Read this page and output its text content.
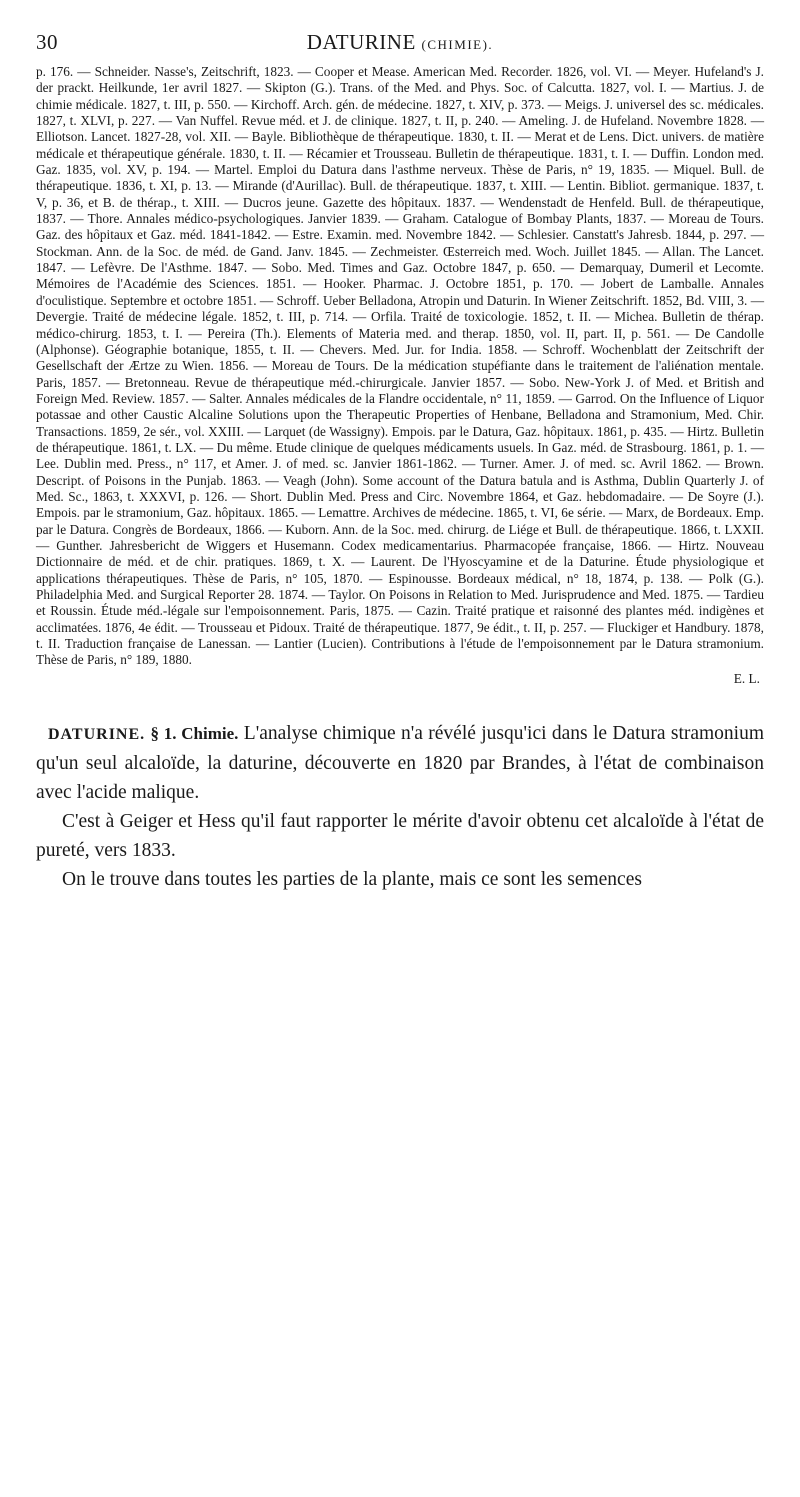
30	DATURINE (CHIMIE).

p. 176. — Schneider. Nasse's, Zeitschrift, 1823. — Cooper et Mease. American Med. Recorder. 1826, vol. VI. — Meyer. Hufeland's J. der prackt. Heilkunde, 1er avril 1827. — Skipton (G.). Trans. of the Med. and Phys. Soc. of Calcutta. 1827, vol. I. — Martius. J. de chimie médicale. 1827, t. III, p. 550. — Kirchoff. Arch. gén. de médecine. 1827, t. XIV, p. 373. — Meigs. J. universel des sc. médicales. 1827, t. XLVI, p. 227. — Van Nuffel. Revue méd. et J. de clinique. 1827, t. II, p. 240. — Ameling. J. de Hufeland. Novembre 1828. — Elliotson. Lancet. 1827-28, vol. XII. — Bayle. Bibliothèque de thérapeutique. 1830, t. II. — Merat et de Lens. Dict. univers. de matière médicale et thérapeutique générale. 1830, t. II. — Récamier et Trousseau. Bulletin de thérapeutique. 1831, t. I. — Duffin. London med. Gaz. 1835, vol. XV, p. 194. — Martel. Emploi du Datura dans l'asthme nerveux. Thèse de Paris, n° 19, 1835. — Miquel. Bull. de thérapeutique. 1836, t. XI, p. 13. — Mirande (d'Aurillac). Bull. de thérapeutique. 1837, t. XIII. — Lentin. Bibliot. germanique. 1837, t. V, p. 36, et B. de thérap., t. XIII. — Ducros jeune. Gazette des hôpitaux. 1837. — Wendenstadt de Henfeld. Bull. de thérapeutique, 1837. — Thore. Annales médico-psychologiques. Janvier 1839. — Graham. Catalogue of Bombay Plants, 1837. — Moreau de Tours. Gaz. des hôpitaux et Gaz. méd. 1841-1842. — Estre. Examin. med. Novembre 1842. — Schlesier. Canstatt's Jahresb. 1844, p. 297. — Stockman. Ann. de la Soc. de méd. de Gand. Janv. 1845. — Zechmeister. Œsterreich med. Woch. Juillet 1845. — Allan. The Lancet. 1847. — Lefèvre. De l'Asthme. 1847. — Sobo. Med. Times and Gaz. Octobre 1847, p. 650. — Demarquay, Dumeril et Lecomte. Mémoires de l'Académie des Sciences. 1851. — Hooker. Pharmac. J. Octobre 1851, p. 170. — Jobert de Lamballe. Annales d'oculistique. Septembre et octobre 1851. — Schroff. Ueber Belladona, Atropin und Daturin. In Wiener Zeitschrift. 1852, Bd. VIII, 3. — Devergie. Traité de médecine légale. 1852, t. III, p. 714. — Orfila. Traité de toxicologie. 1852, t. II. — Michea. Bulletin de thérap. médico-chirurg. 1853, t. I. — Pereira (Th.). Elements of Materia med. and therap. 1850, vol. II, part. II, p. 561. — De Candolle (Alphonse). Géographie botanique, 1855, t. II. — Chevers. Med. Jur. for India. 1858. — Schroff. Wochenblatt der Zeitschrift der Gesellschaft der Ærtze zu Wien. 1856. — Moreau de Tours. De la médication stupéfiante dans le traitement de l'aliénation mentale. Paris, 1857. — Bretonneau. Revue de thérapeutique méd.-chirurgicale. Janvier 1857. — Sobo. New-York J. of Med. et British and Foreign Med. Review. 1857. — Salter. Annales médicales de la Flandre occidentale, n° 11, 1859. — Garrod. On the Influence of Liquor potassae and other Caustic Alcaline Solutions upon the Therapeutic Properties of Henbane, Belladona and Stramonium, Med. Chir. Transactions. 1859, 2e sér., vol. XXIII. — Larquet (de Wassigny). Empois. par le Datura, Gaz. hôpitaux. 1861, p. 435. — Hirtz. Bulletin de thérapeutique. 1861, t. LX. — Du même. Etude clinique de quelques médicaments usuels. In Gaz. méd. de Strasbourg. 1861, p. 1. — Lee. Dublin med. Press., n° 117, et Amer. J. of med. sc. Janvier 1861-1862. — Turner. Amer. J. of med. sc. Avril 1862. — Brown. Descript. of Poisons in the Punjab. 1863. — Veagh (John). Some account of the Datura batula and is Asthma, Dublin Quarterly J. of Med. Sc., 1863, t. XXXVI, p. 126. — Short. Dublin Med. Press and Circ. Novembre 1864, et Gaz. hebdomadaire. — De Soyre (J.). Empois. par le stramonium, Gaz. hôpitaux. 1865. — Lemattre. Archives de médecine. 1865, t. VI, 6e série. — Marx, de Bordeaux. Emp. par le Datura. Congrès de Bordeaux, 1866. — Kuborn. Ann. de la Soc. med. chirurg. de Liége et Bull. de thérapeutique. 1866, t. LXXII. — Gunther. Jahresbericht de Wiggers et Husemann. Codex medicamentarius. Pharmacopée française, 1866. — Hirtz. Nouveau Dictionnaire de méd. et de chir. pratiques. 1869, t. X. — Laurent. De l'Hyoscyamine et de la Daturine. Étude physiologique et applications thérapeutiques. Thèse de Paris, n° 105, 1870. — Espinousse. Bordeaux médical, n° 18, 1874, p. 138. — Polk (G.). Philadelphia Med. and Surgical Reporter 28. 1874. — Taylor. On Poisons in Relation to Med. Jurisprudence and Med. 1875. — Tardieu et Roussin. Étude méd.-légale sur l'empoisonnement. Paris, 1875. — Cazin. Traité pratique et raisonné des plantes méd. indigènes et acclimatées. 1876, 4e édit. — Trousseau et Pidoux. Traité de thérapeutique. 1877, 9e édit., t. II, p. 257. — Fluckiger et Handbury. 1878, t. II. Traduction française de Lanessan. — Lantier (Lucien). Contributions à l'étude de l'empoisonnement par le Datura stramonium. Thèse de Paris, n° 189, 1880.

E. L.

DATURINE. § 1. Chimie. L'analyse chimique n'a révélé jusqu'ici dans le Datura stramonium qu'un seul alcaloïde, la daturine, découverte en 1820 par Brandes, à l'état de combinaison avec l'acide malique.

C'est à Geiger et Hess qu'il faut rapporter le mérite d'avoir obtenu cet alcaloïde à l'état de pureté, vers 1833.

On le trouve dans toutes les parties de la plante, mais ce sont les semences
